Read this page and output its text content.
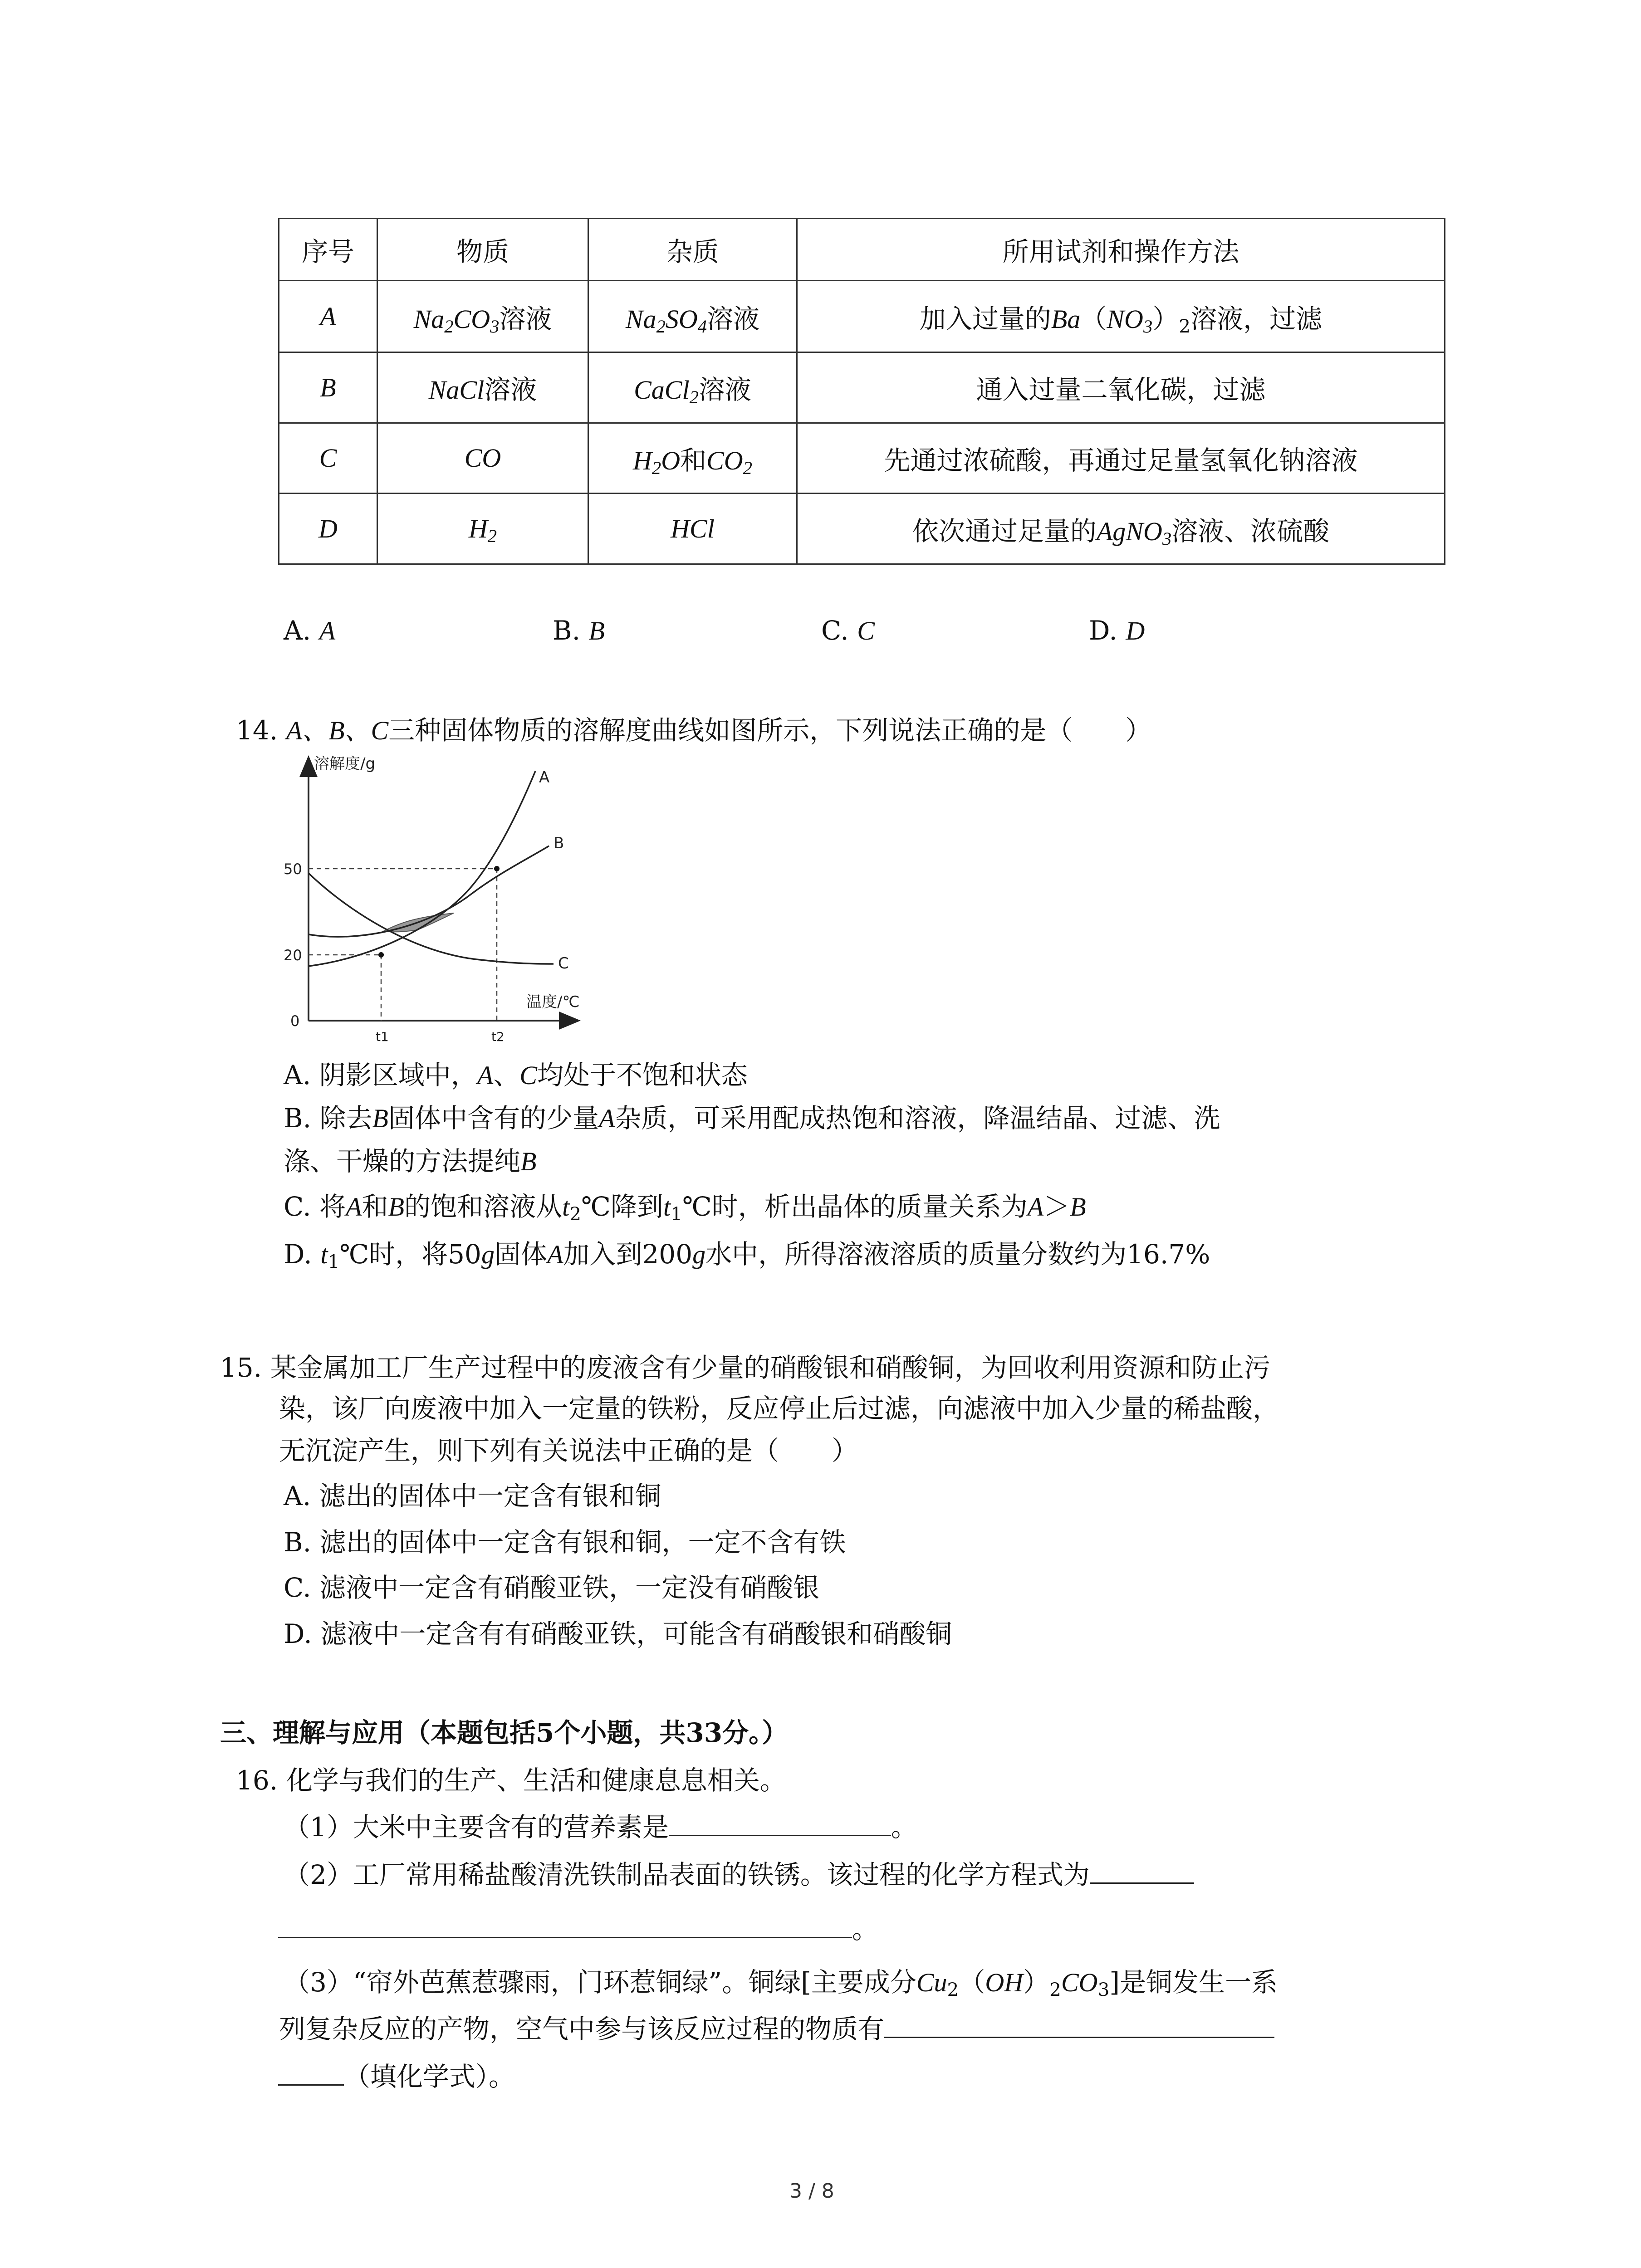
序号	物质	杂质	所用试剂和操作方法
A	$Na_2CO_3$溶液	$Na_2SO_4$溶液	加入过量的$Ba(NO_3)_2$溶液，过滤
B	NaCl溶液	CaCl$_2$溶液	通入过量二氧化碳，过滤
C	CO	$H_2O$和$CO_2$	先通过浓硫酸，再通过足量氢氧化钠溶液
D	$H_2$	HCl	依次通过足量的AgNO$_3$溶液、浓硫酸
A. A	B. B	C. C	D. D
14. A、B、C三种固体物质的溶解度曲线如图所示，下列说法正确的是（　　）
溶解度/g
温度/℃
0
20
50
t1	t2
A
B
C
A. 阴影区域中，A、C均处于不饱和状态
B. 除去B固体中含有的少量A杂质，可采用配成热饱和溶液，降温结晶、过滤、洗
涤、干燥的方法提纯B
C. 将A和B的饱和溶液从$t_2℃$降到$t_1℃$时，析出晶体的质量关系为A＞B
D. $t_1℃$时，将50g固体A加入到200g水中，所得溶液溶质的质量分数约为16.7%
15. 某金属加工厂生产过程中的废液含有少量的硝酸银和硝酸铜，为回收利用资源和防止污
染，该厂向废液中加入一定量的铁粉，反应停止后过滤，向滤液中加入少量的稀盐酸，
无沉淀产生，则下列有关说法中正确的是（　　）
A. 滤出的固体中一定含有银和铜
B. 滤出的固体中一定含有银和铜，一定不含有铁
C. 滤液中一定含有硝酸亚铁，一定没有硝酸银
D. 滤液中一定含有有硝酸亚铁，可能含有硝酸银和硝酸铜
三、理解与应用（本题包括5个小题，共33分。）
16. 化学与我们的生产、生活和健康息息相关。
（1）大米中主要含有的营养素是	。
（2）工厂常用稀盐酸清洗铁制品表面的铁锈。该过程的化学方程式为
。
（3）“帘外芭蕉惹骤雨，门环惹铜绿”。铜绿[主要成分$Cu_2(OH)_2CO_3$]是铜发生一系
列复杂反应的产物，空气中参与该反应过程的物质有
（填化学式）。
3 / 8
